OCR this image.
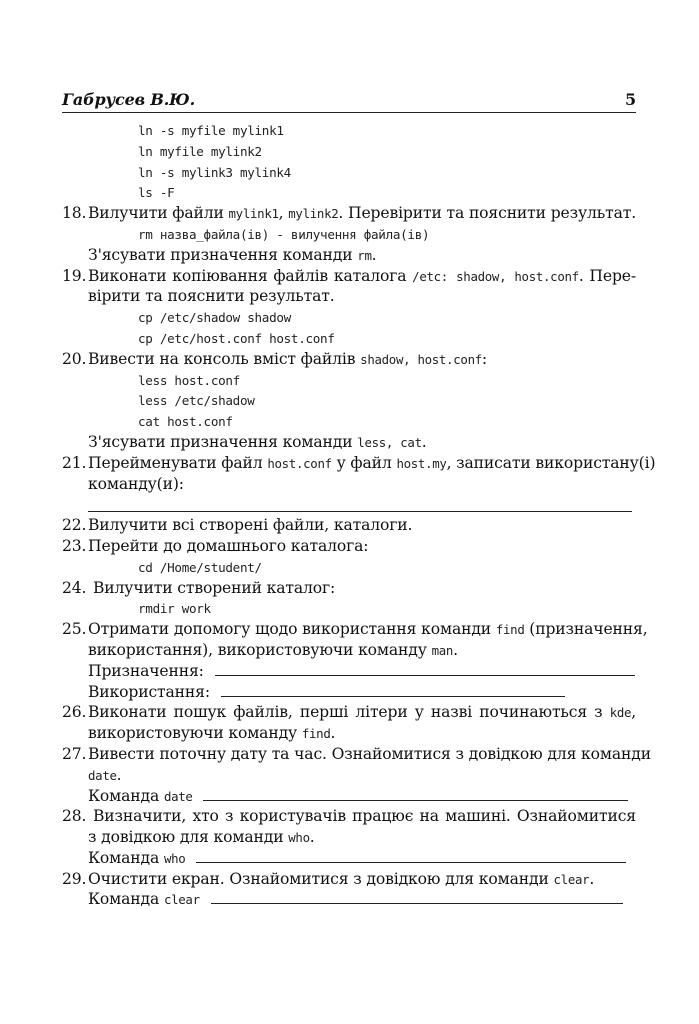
Габрусев В.Ю.	5
ln -s myfile mylink1
ln myfile mylink2
ln -s mylink3 mylink4
ls -F
18. Вилучити файли mylink1, mylink2. Перевірити та пояснити результат.
rm назва_файла(ів) - вилучення файла(ів)
З'ясувати призначення команди rm.
19. Виконати копіювання файлів каталога /etc: shadow, host.conf. Пере-
вірити та пояснити результат.
cp /etc/shadow shadow
cp /etc/host.conf host.conf
20. Вивести на консоль вміст файлів shadow, host.conf:
less host.conf
less /etc/shadow
cat host.conf
З'ясувати призначення команди less, cat.
21. Перейменувати файл host.conf у файл host.my, записати використану(і)
команду(и):
22. Вилучити всі створені файли, каталоги.
23. Перейти до домашнього каталога:
cd /Home/student/
24. Вилучити створений каталог:
rmdir work
25. Отримати допомогу щодо використання команди find (призначення,
використання), використовуючи команду man.
Призначення:
Використання:
26. Виконати пошук файлів, перші літери у назві починаються з kde,
використовуючи команду find.
27. Вивести поточну дату та час. Ознайомитися з довідкою для команди
date.
Команда date
28. Визначити, хто з користувачів працює на машині. Ознайомитися
з довідкою для команди who.
Команда who
29. Очистити екран. Ознайомитися з довідкою для команди clear.
Команда clear
